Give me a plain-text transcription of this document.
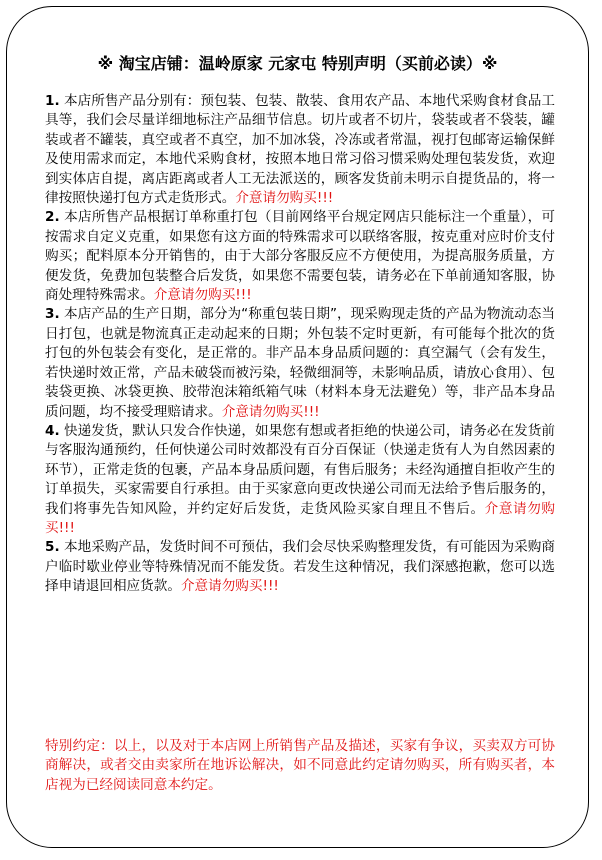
※ 淘宝店铺：温岭原家 元家屯 特别声明（买前必读）※

1. 本店所售产品分别有：预包装、包装、散装、食用农产品、本地代采购食材食品工具等，我们会尽量详细地标注产品细节信息。切片或者不切片，袋装或者不袋装，罐装或者不罐装，真空或者不真空，加不加冰袋，冷冻或者常温，视打包邮寄运输保鲜及使用需求而定，本地代采购食材，按照本地日常习俗习惯采购处理包装发货，欢迎到实体店自提，离店距离或者人工无法派送的，顾客发货前未明示自提货品的，将一律按照快递打包方式走货形式。介意请勿购买!!!

2. 本店所售产品根据订单称重打包（目前网络平台规定网店只能标注一个重量），可按需求自定义克重，如果您有这方面的特殊需求可以联络客服，按克重对应时价支付购买；配料原本分开销售的，由于大部分客服反应不方便使用，为提高服务质量，方便发货，免费加包装整合后发货，如果您不需要包装，请务必在下单前通知客服，协商处理特殊需求。介意请勿购买!!!

3. 本店产品的生产日期，部分为“称重包装日期”，现采购现走货的产品为物流动态当日打包，也就是物流真正走动起来的日期；外包装不定时更新，有可能每个批次的货打包的外包装会有变化，是正常的。非产品本身品质问题的：真空漏气（会有发生，若快递时效正常，产品未破袋而被污染，轻微细洞等，未影响品质，请放心食用）、包装袋更换、冰袋更换、胶带泡沫箱纸箱气味（材料本身无法避免）等，非产品本身品质问题，均不接受理赔请求。介意请勿购买!!!

4. 快递发货，默认只发合作快递，如果您有想或者拒绝的快递公司，请务必在发货前与客服沟通预约，任何快递公司时效都没有百分百保证（快递走货有人为自然因素的环节），正常走货的包裹，产品本身品质问题，有售后服务；未经沟通擅自拒收产生的订单损失，买家需要自行承担。由于买家意向更改快递公司而无法给予售后服务的，我们将事先告知风险，并约定好后发货，走货风险买家自理且不售后。介意请勿购买!!!

5. 本地采购产品，发货时间不可预估，我们会尽快采购整理发货，有可能因为采购商户临时歇业停业等特殊情况而不能发货。若发生这种情况，我们深感抱歉，您可以选择申请退回相应货款。介意请勿购买!!!

特别约定：以上，以及对于本店网上所销售产品及描述，买家有争议，买卖双方可协商解决，或者交由卖家所在地诉讼解决，如不同意此约定请勿购买，所有购买者，本店视为已经阅读同意本约定。
